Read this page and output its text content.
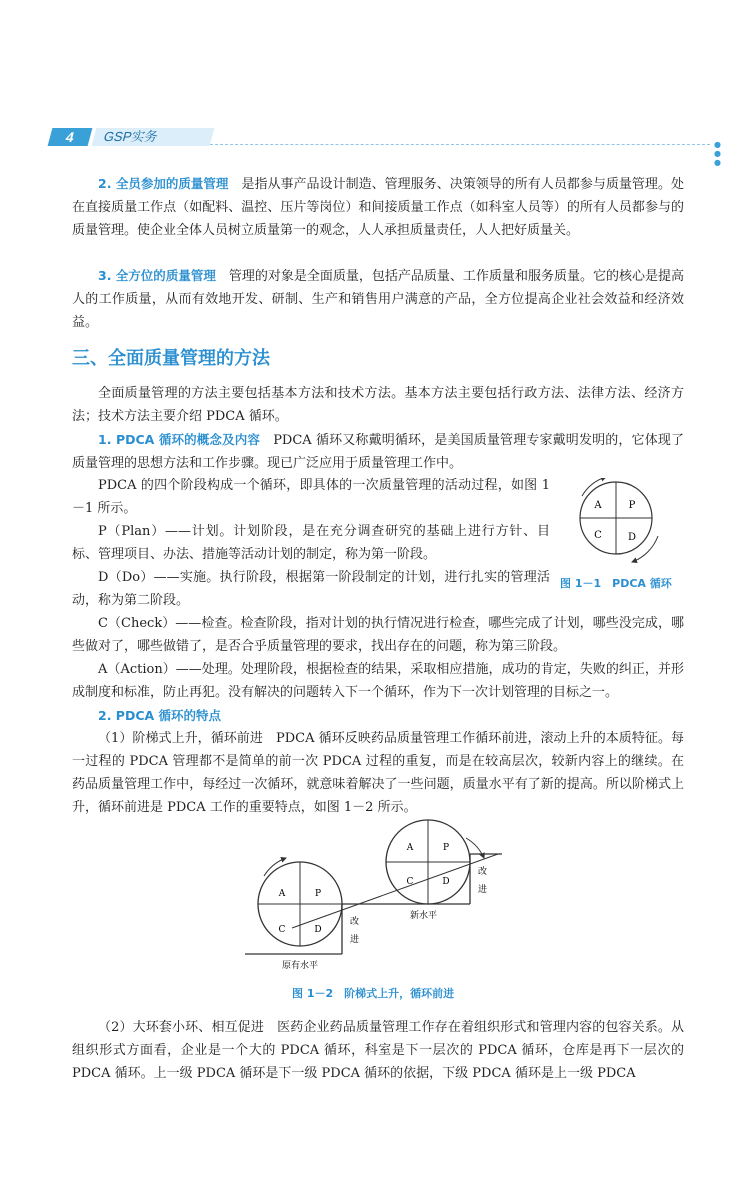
4	GSP实务
● ● ●

2. 全员参加的质量管理　 是指从事产品设计制造、管理服务、决策领导的所有人员都参与质量管理。处在直接质量工作点（如配料、温控、压片等岗位）和间接质量工作点（如科室人员等）的所有人员都参与的质量管理。使企业全体人员树立质量第一的观念，人人承担质量责任，人人把好质量关。

3. 全方位的质量管理　 管理的对象是全面质量，包括产品质量、工作质量和服务质量。它的核心是提高人的工作质量，从而有效地开发、研制、生产和销售用户满意的产品，全方位提高企业社会效益和经济效益。

三、全面质量管理的方法

全面质量管理的方法主要包括基本方法和技术方法。基本方法主要包括行政方法、法律方法、经济方法；技术方法主要介绍 PDCA 循环。

1. PDCA 循环的概念及内容　 PDCA 循环又称戴明循环，是美国质量管理专家戴明发明的，它体现了质量管理的思想方法和工作步骤。现已广泛应用于质量管理工作中。

PDCA 的四个阶段构成一个循环，即具体的一次质量管理的活动过程，如图 1－1 所示。

P（Plan）——计划。计划阶段，是在充分调查研究的基础上进行方针、目标、管理项目、办法、措施等活动计划的制定，称为第一阶段。

D（Do）——实施。执行阶段，根据第一阶段制定的计划，进行扎实的管理活动，称为第二阶段。

A	P
C	D
图 1－1　PDCA 循环

C（Check）——检查。检查阶段，指对计划的执行情况进行检查，哪些完成了计划，哪些没完成，哪些做对了，哪些做错了，是否合乎质量管理的要求，找出存在的问题，称为第三阶段。

A（Action）——处理。处理阶段，根据检查的结果，采取相应措施，成功的肯定，失败的纠正，并形成制度和标准，防止再犯。没有解决的问题转入下一个循环，作为下一次计划管理的目标之一。

2. PDCA 循环的特点

（1）阶梯式上升，循环前进　 PDCA 循环反映药品质量管理工作循环前进，滚动上升的本质特征。每一过程的 PDCA 管理都不是简单的前一次 PDCA 过程的重复，而是在较高层次，较新内容上的继续。在药品质量管理工作中，每经过一次循环，就意味着解决了一些问题，质量水平有了新的提高。所以阶梯式上升，循环前进是 PDCA 工作的重要特点，如图 1－2 所示。

A	P
C	D
A	P
C	D
改
进
改
进
新水平
原有水平
图 1－2　阶梯式上升，循环前进

（2）大环套小环、相互促进　医药企业药品质量管理工作存在着组织形式和管理内容的包容关系。从组织形式方面看，企业是一个大的 PDCA 循环，科室是下一层次的 PDCA 循环，仓库是再下一层次的 PDCA 循环。上一级 PDCA 循环是下一级 PDCA 循环的依据，下级 PDCA 循环是上一级 PDCA
